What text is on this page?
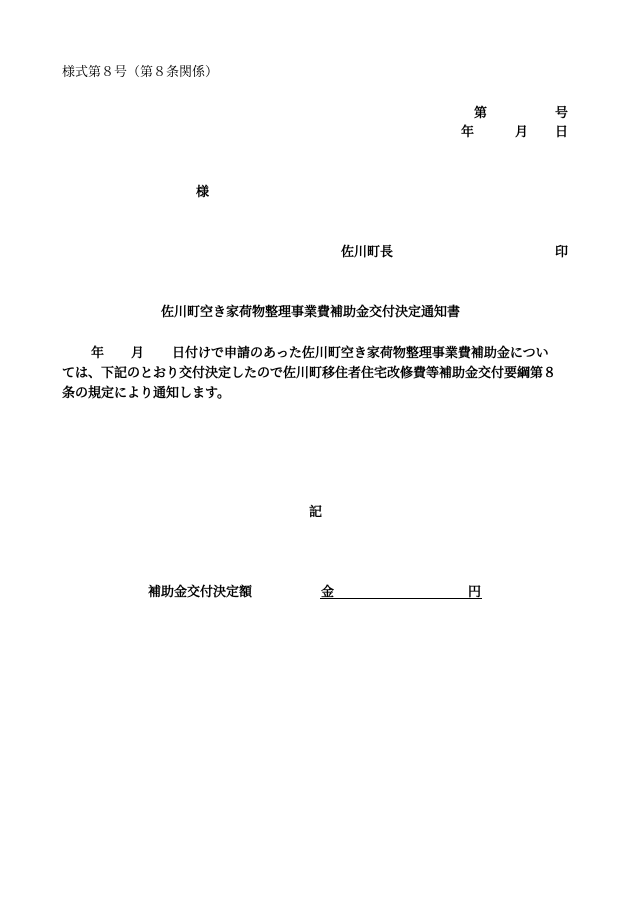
様式第８号（第８条関係）
第	号
年	月 日
様
佐川町長	印
佐川町空き家荷物整理事業費補助金交付決定通知書
年 月 日付けで申請のあった佐川町空き家荷物整理事業費補助金につい
ては、下記のとおり交付決定したので佐川町移住者住宅改修費等補助金交付要綱第８
条の規定により通知します。
記
補助金交付決定額	金	円
